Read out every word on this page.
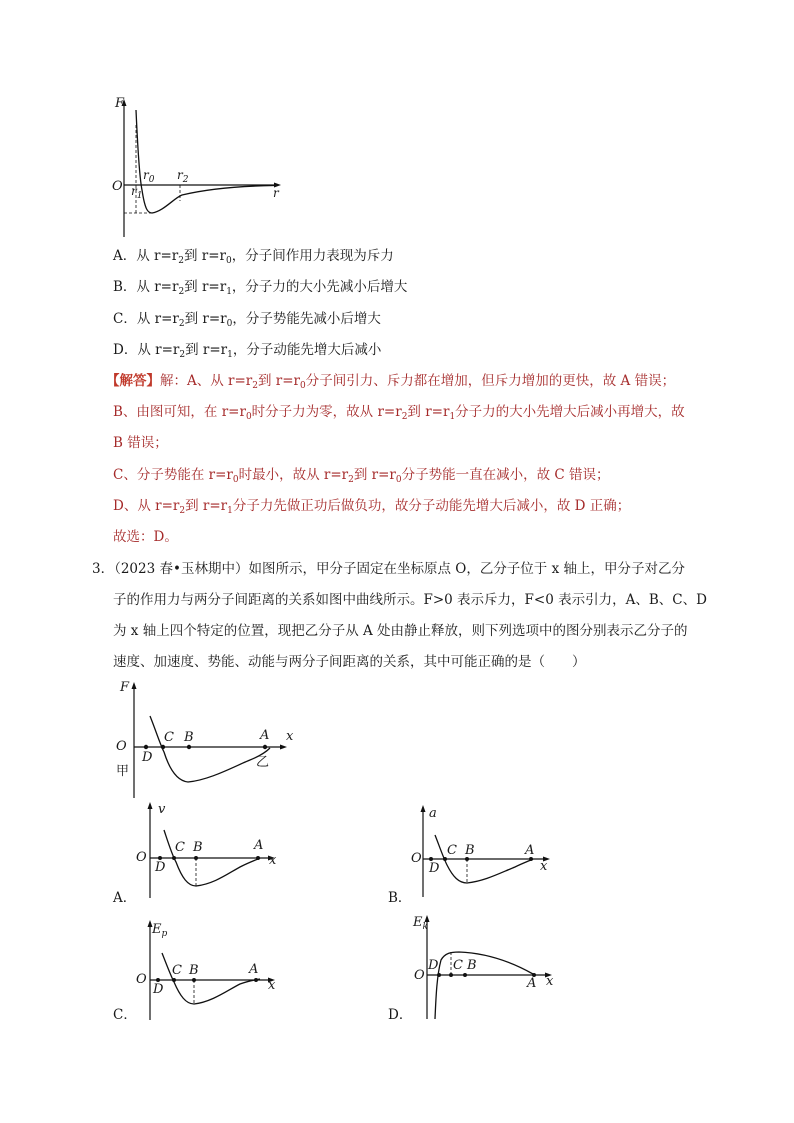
F
O
$r_0$
$r_1$
$r_2$
r
A．从 $r=r_2$到 $r=r_0$，分子间作用力表现为斥力
B．从 $r=r_2$到 $r=r_1$，分子力的大小先减小后增大
C．从 $r=r_2$到 $r=r_0$，分子势能先减小后增大
D．从 $r=r_2$到 $r=r_1$，分子动能先增大后减小
【解答】解：A、从 $r=r_2$到 $r=r_0$分子间引力、斥力都在增加，但斥力增加的更快，故 A 错误；
B、由图可知，在 $r=r_0$时分子力为零，故从 $r=r_2$到 $r=r_1$分子力的大小先增大后减小再增大，故
B 错误；
C、分子势能在 $r=r_0$时最小，故从 $r=r_2$到 $r=r_0$分子势能一直在减小，故 C 错误；
D、从 $r=r_2$到 $r=r_1$分子力先做正功后做负功，故分子动能先增大后减小，故 D 正确；
故选：D。
3．（2023 春•玉林期中）如图所示，甲分子固定在坐标原点 O，乙分子位于 x 轴上，甲分子对乙分
子的作用力与两分子间距离的关系如图中曲线所示。F>0 表示斥力，F<0 表示引力，A、B、C、D
为 x 轴上四个特定的位置，现把乙分子从 A 处由静止释放，则下列选项中的图分别表示乙分子的
速度、加速度、势能、动能与两分子间距离的关系，其中可能正确的是（　　）
F
O
甲
D
C B	A x
乙
v
O
D
C B	A
x
A．
a
O
D
C B	A
x
B．
$E_p$
O
D
C B	A
x
C．
$E_k$
O
D C B
A x
D．
